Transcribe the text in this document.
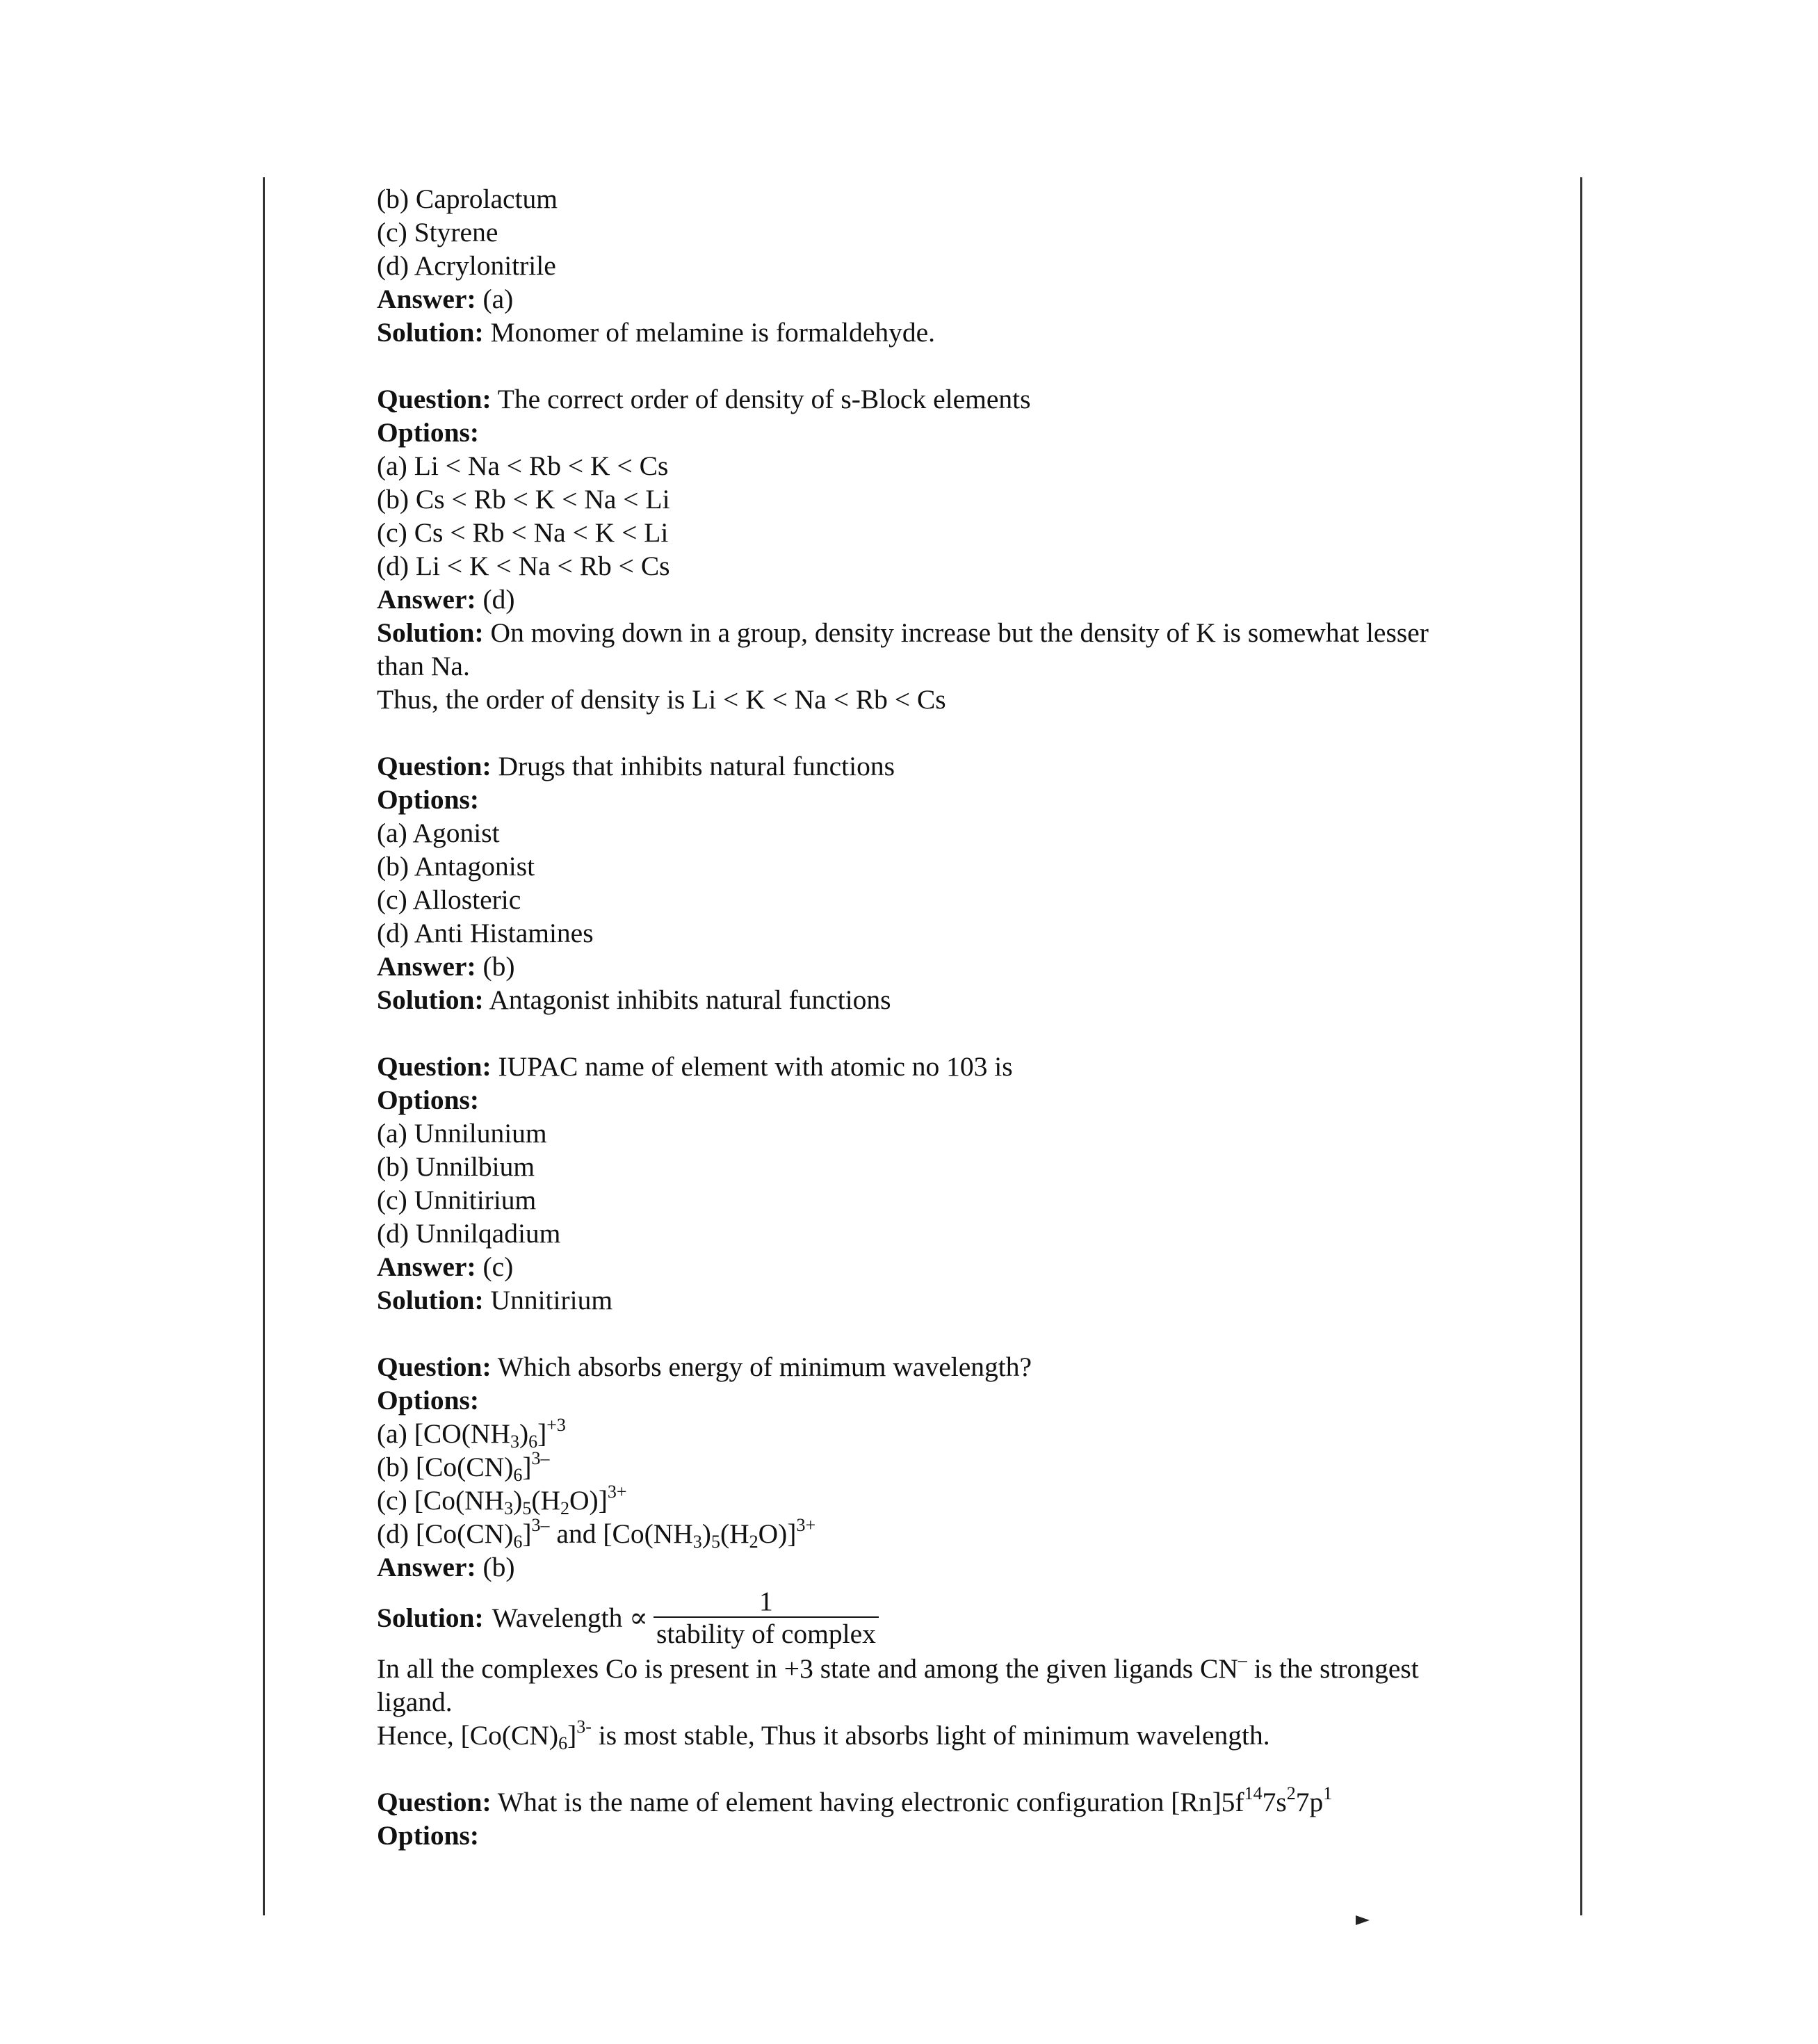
(b) Caprolactum
(c) Styrene
(d) Acrylonitrile
Answer: (a)
Solution: Monomer of melamine is formaldehyde.
Question: The correct order of density of s-Block elements
Options:
(a) Li < Na < Rb < K < Cs
(b) Cs < Rb < K < Na < Li
(c) Cs < Rb < Na < K < Li
(d) Li < K < Na < Rb < Cs
Answer: (d)
Solution: On moving down in a group, density increase but the density of K is somewhat lesser than Na.
Thus, the order of density is Li < K < Na < Rb < Cs
Question: Drugs that inhibits natural functions
Options:
(a) Agonist
(b) Antagonist
(c) Allosteric
(d) Anti Histamines
Answer: (b)
Solution: Antagonist inhibits natural functions
Question: IUPAC name of element with atomic no 103 is
Options:
(a) Unnilunium
(b) Unnilbium
(c) Unnitirium
(d) Unnilqadium
Answer: (c)
Solution: Unnitirium
Question: Which absorbs energy of minimum wavelength?
Options:
(a) $[CO(NH_3)_6]^{+3}$
(b) $[Co(CN)_6]^{3-}$
(c) $[Co(NH_3)_5(H_2O)]^{3+}$
(d) $[Co(CN)_6]^{3-}$ and $[Co(NH_3)_5(H_2O)]^{3+}$
Answer: (b)
Solution: Wavelength ∝ $\frac{1}{\text{stability of complex}}$
In all the complexes Co is present in +3 state and among the given ligands CN– is the strongest ligand.
Hence, $[Co(CN)_6]^{3-}$ is most stable, Thus it absorbs light of minimum wavelength.
Question: What is the name of element having electronic configuration $[Rn]5f^{14}7s^27p^1$
Options:
